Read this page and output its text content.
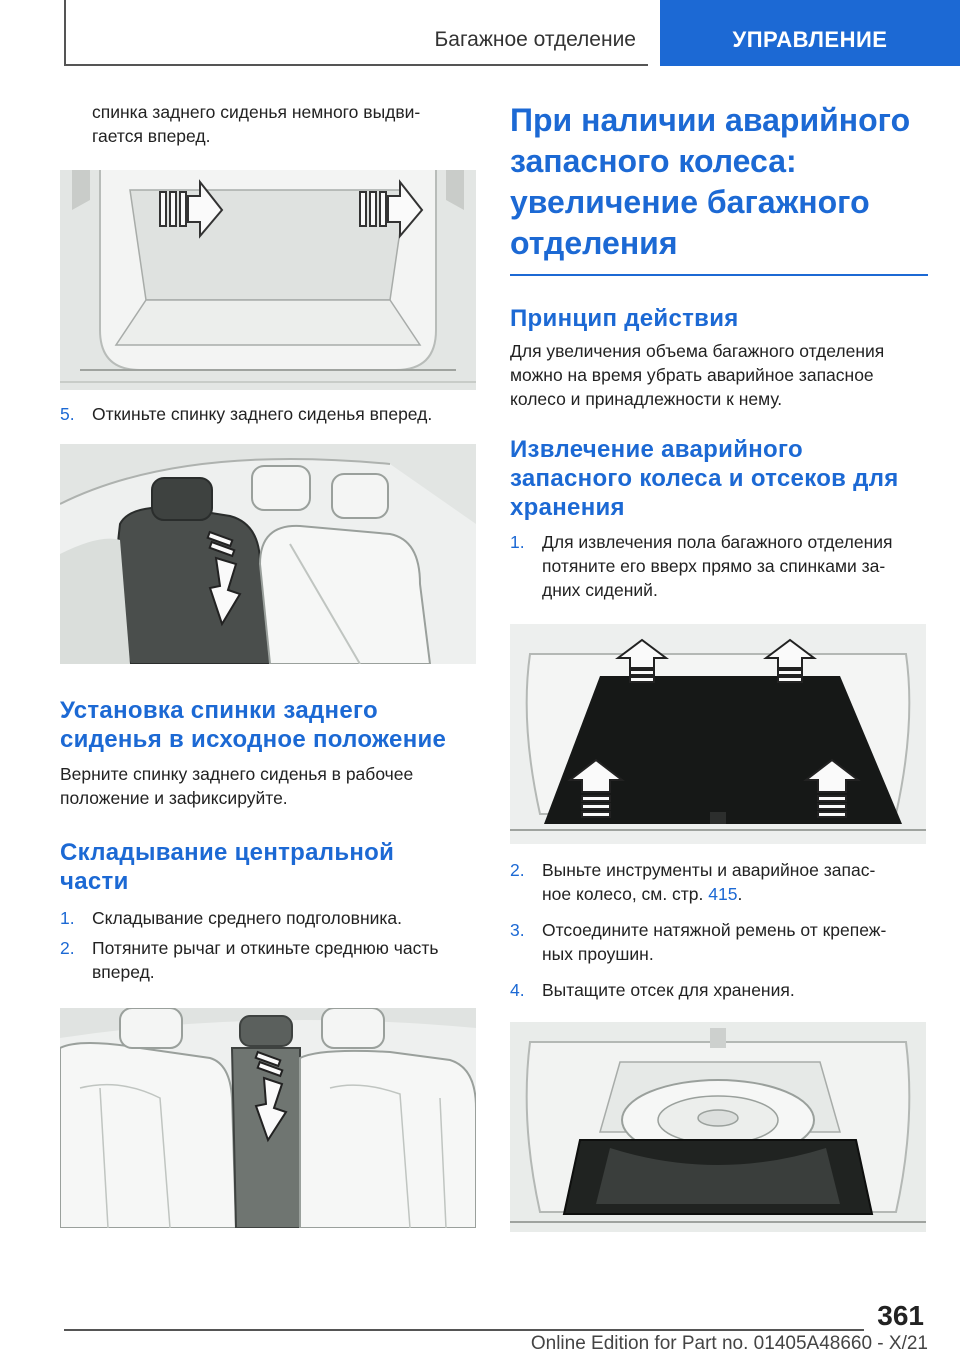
Багажное отделение	УПРАВЛЕНИЕ

спинка заднего сиденья немного выдви-
гается вперед.

5. Откиньте спинку заднего сиденья вперед.
Установка спинки заднего
сиденья в исходное положение

Верните спинку заднего сиденья в рабочее
положение и зафиксируйте.

Складывание центральной
части
1. Складывание среднего подголовника.
2. Потяните рычаг и откиньте среднюю часть
вперед.
При наличии аварийного
запасного колеса:
увеличение багажного
отделения
Принцип действия

Для увеличения объема багажного отделения
можно на время убрать аварийное запасное
колесо и принадлежности к нему.

Извлечение аварийного
запасного колеса и отсеков для
хранения
1. Для извлечения пола багажного отделения
потяните его вверх прямо за спинками за-
дних сидений.
2. Выньте инструменты и аварийное запас-
ное колесо, см. стр. 415.
3. Отсоедините натяжной ремень от крепеж-
ных проушин.
4. Вытащите отсек для хранения.
361
Online Edition for Part no. 01405A48660 - X/21
